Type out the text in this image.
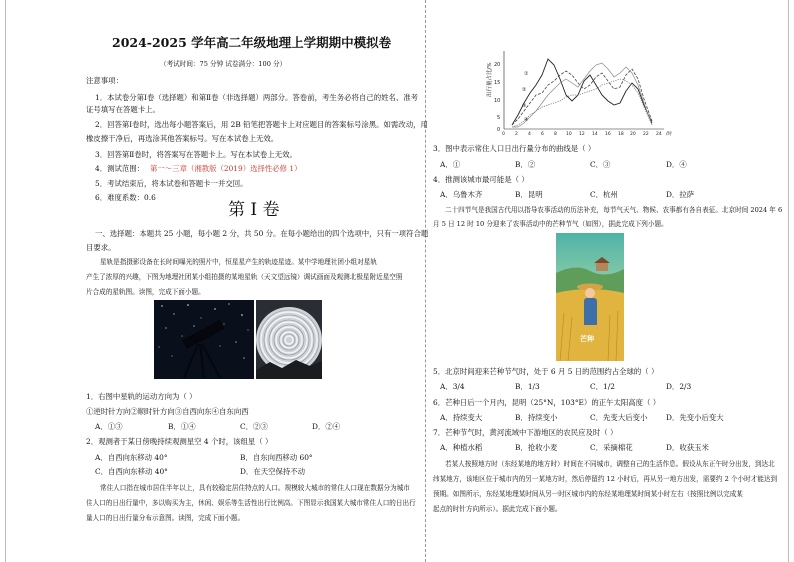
2024-2025 学年高二年级地理上学期期中模拟卷
（考试时间：75 分钟 试卷满分：100 分）
注意事项：
1．本试卷分第Ⅰ卷（选择题）和第Ⅱ卷（非选择题）两部分。答卷前，考生务必将自己的姓名、准考
证号填写在答题卡上。
2．回答第Ⅰ卷时，选出每小题答案后，用 2B 铅笔把答题卡上对应题目的答案标号涂黑。如需改动，用
橡皮擦干净后，再选涂其他答案标号。写在本试卷上无效。
3．回答第Ⅱ卷时，将答案写在答题卡上。写在本试卷上无效。
4．测试范围： 第一～三章（湘教版（2019）选择性必修 1）
5．考试结束后，将本试卷和答题卡一并交回。
6．难度系数：0.6
第 I 卷
一、选择题：本题共 25 小题，每小题 2 分，共 50 分。在每小题给出的四个选项中，只有一项符合题
目要求。
星轨是指摄影设备在长时间曝光的照片中，恒星星产生的轨迹星迹。某中学地理社团小组对星轨
产生了浓厚的兴趣，下图为地理社团某小组拍摄的某地星轨（天文望远镜）调试画面及观测北极星附近星空照
片合成的星轨图。读图，完成下面小题。
1．右图中星轨的运动方向为（ ）
①逆时针方向②顺时针方向③自西向东④自东向西
A．①③	B．①④	C．②③	D．②④
2．观测者于某日傍晚持续观测星空 4 个时，该组星（ ）
A．自西向东移动 40°	B．自东向西移动 60°
C．自西向东移动 40°	D．在天空保持不动
常住人口指在城市居住半年以上，具有较稳定居住特点的人口。规模较大城市的常住人口现在数据分为城市
住人口的日出行量中，多以购买为主，休闲、娱乐等生活性出行比例高。下图显示我国某大城市常住人口的日出行
量人口的日出行量分布示意图。读图，完成下面小题。
出行量占比/% 20
15
10
5
0
0 2 4 6 8 10 12 14 16 18 20 22 24 /时
①
②
③
④
3．图中表示常住人口日出行量分布的曲线是（ ）
A．①	B．②	C．③	D．④
4．推测该城市最可能是（ ）
A．乌鲁木齐	B．昆明	C．杭州	D．拉萨
二十四节气是我国古代用以指导农事活动的历法补充，每节气天气、物候、农事都有各自表征。北京时间 2024 年 6
月 5 日 12 时 10 分迎来了农事活动中的芒种节气（如图），据此完成下列小题。
芒种
5．北京时间迎来芒种节气时，处于 6 月 5 日的范围约占全球的（ ）
A．3/4	B．1/3	C．1/2	D．2/3
6．芒种日后一个月内，昆明（25°N，103°E）的正午太阳高度（ ）
A．持续变大	B．持续变小	C．先变大后变小	D．先变小后变大
7．芒种节气时，黄河流域中下游地区的农民应及时（ ）
A．种植水稻	B．抢收小麦	C．采摘棉花	D．收获玉米
若某人按照地方时（东经某地的地方时）时间在不同城市，调整自己的生活作息。假设从东正午时分出发，到达北
纬某地方，该地区位于城市内的另一某地方时，然后停留约 12 小时后，再从另一地方出发，需要约 2 个小时才能达到
预期。如图所示，东经某地理某时间从另一时区城市内的东经某地理某时间某小时左右（按照比例以完成某
起点的时针方向所示）。据此完成下面小题。
